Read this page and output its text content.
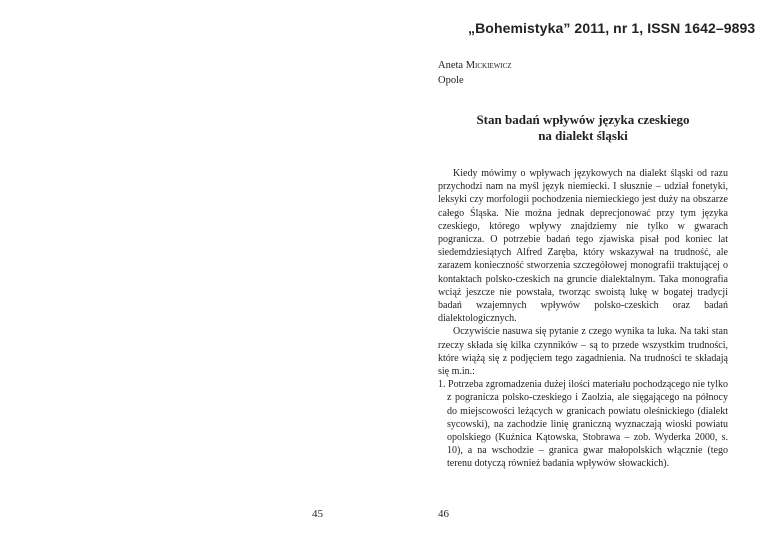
45
„Bohemistyka” 2011, nr 1, ISSN 1642–9893
Aneta Mickiewicz
Opole
Stan badań wpływów języka czeskiego
na dialekt śląski

Kiedy mówimy o wpływach językowych na dialekt śląski od razu przychodzi nam na myśl język niemiecki. I słusznie – udział fonetyki, leksyki czy morfologii pochodzenia niemieckiego jest duży na obszarze całego Śląska. Nie można jednak deprecjonować przy tym języka czeskiego, którego wpływy znajdziemy nie tylko w gwarach pogranicza. O potrzebie badań tego zjawiska pisał pod koniec lat siedemdziesiątych Alfred Zaręba, który wskazywał na trudność, ale zarazem konieczność stworzenia szczegółowej monografii traktującej o kontaktach polsko-czeskich na gruncie dialektalnym. Taka monografia wciąż jeszcze nie powstała, tworząc swoistą lukę w bogatej tradycji badań wzajemnych wpływów polsko-czeskich oraz badań dialektologicznych.

Oczywiście nasuwa się pytanie z czego wynika ta luka. Na taki stan rzeczy składa się kilka czynników – są to przede wszystkim trudności, które wiążą się z podjęciem tego zagadnienia. Na trudności te składają się m.in.:

1. Potrzeba zgromadzenia dużej ilości materiału pochodzącego nie tylko z pogranicza polsko-czeskiego i Zaolzia, ale sięgającego na północy do miejscowości leżących w granicach powiatu oleśnickiego (dialekt sycowski), na zachodzie linię graniczną wyznaczają wioski powiatu opolskiego (Kuźnica Kątowska, Stobrawa – zob. Wyderka 2000, s. 10), a na wschodzie – granica gwar małopolskich włącznie (tego terenu dotyczą również badania wpływów słowackich).
46
